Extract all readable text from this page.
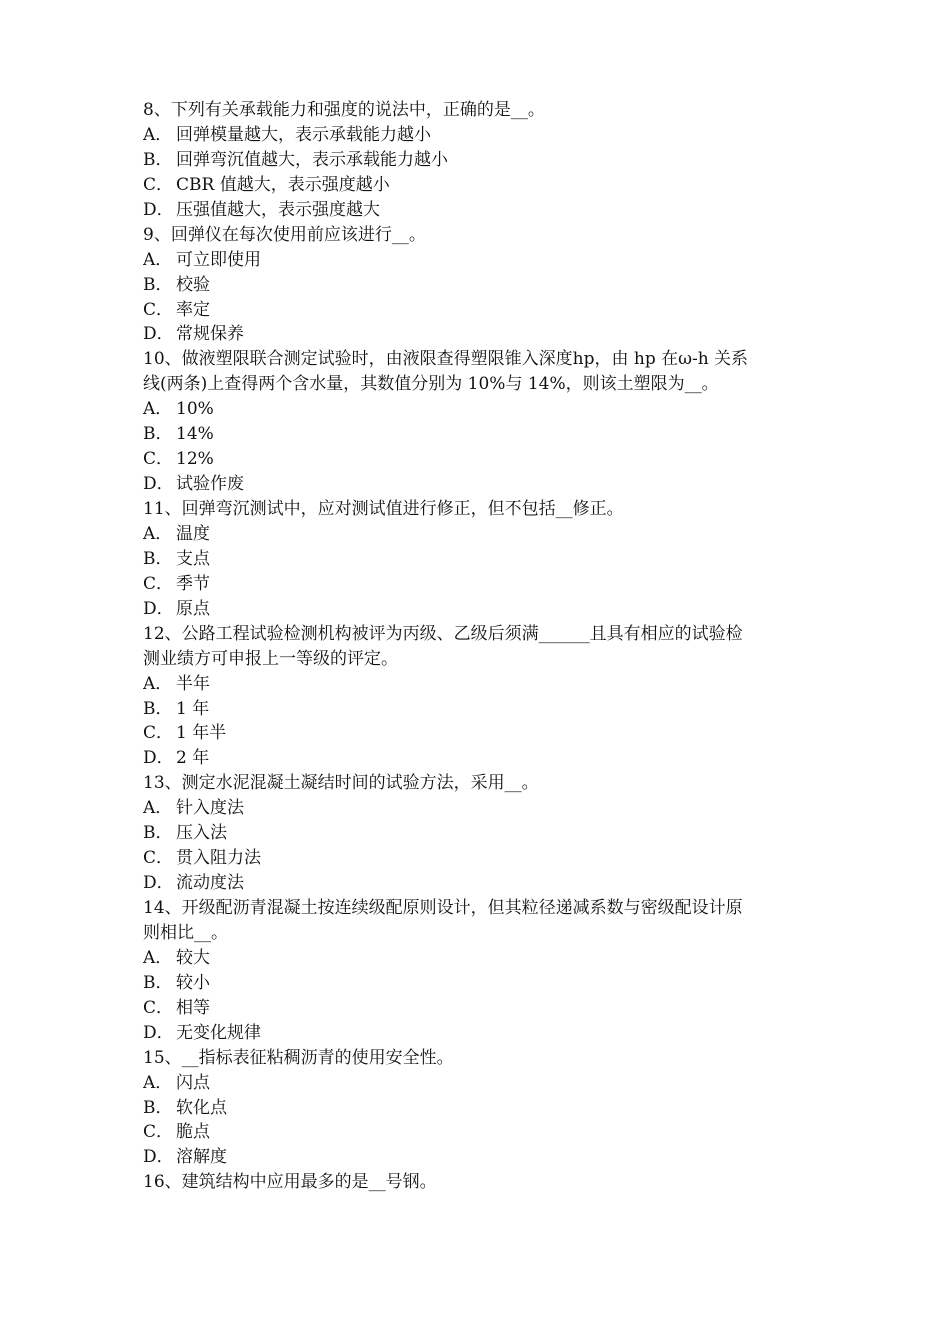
8、下列有关承载能力和强度的说法中，正确的是__。
A． 回弹模量越大，表示承载能力越小
B． 回弹弯沉值越大，表示承载能力越小
C． CBR 值越大，表示强度越小
D． 压强值越大，表示强度越大
9、回弹仪在每次使用前应该进行__。
A． 可立即使用
B． 校验
C． 率定
D． 常规保养
10、做液塑限联合测定试验时，由液限查得塑限锥入深度hp，由 hp 在ω-h 关系
线(两条)上查得两个含水量，其数值分别为 10%与 14%，则该土塑限为__。
A． 10%
B． 14%
C． 12%
D． 试验作废
11、回弹弯沉测试中，应对测试值进行修正，但不包括__修正。
A． 温度
B． 支点
C． 季节
D． 原点
12、公路工程试验检测机构被评为丙级、乙级后须满______且具有相应的试验检
测业绩方可申报上一等级的评定。
A． 半年
B． 1 年
C． 1 年半
D． 2 年
13、测定水泥混凝土凝结时间的试验方法，采用__。
A． 针入度法
B． 压入法
C． 贯入阻力法
D． 流动度法
14、开级配沥青混凝土按连续级配原则设计，但其粒径递减系数与密级配设计原
则相比__。
A． 较大
B． 较小
C． 相等
D． 无变化规律
15、__指标表征粘稠沥青的使用安全性。
A． 闪点
B． 软化点
C． 脆点
D． 溶解度
16、建筑结构中应用最多的是__号钢。
